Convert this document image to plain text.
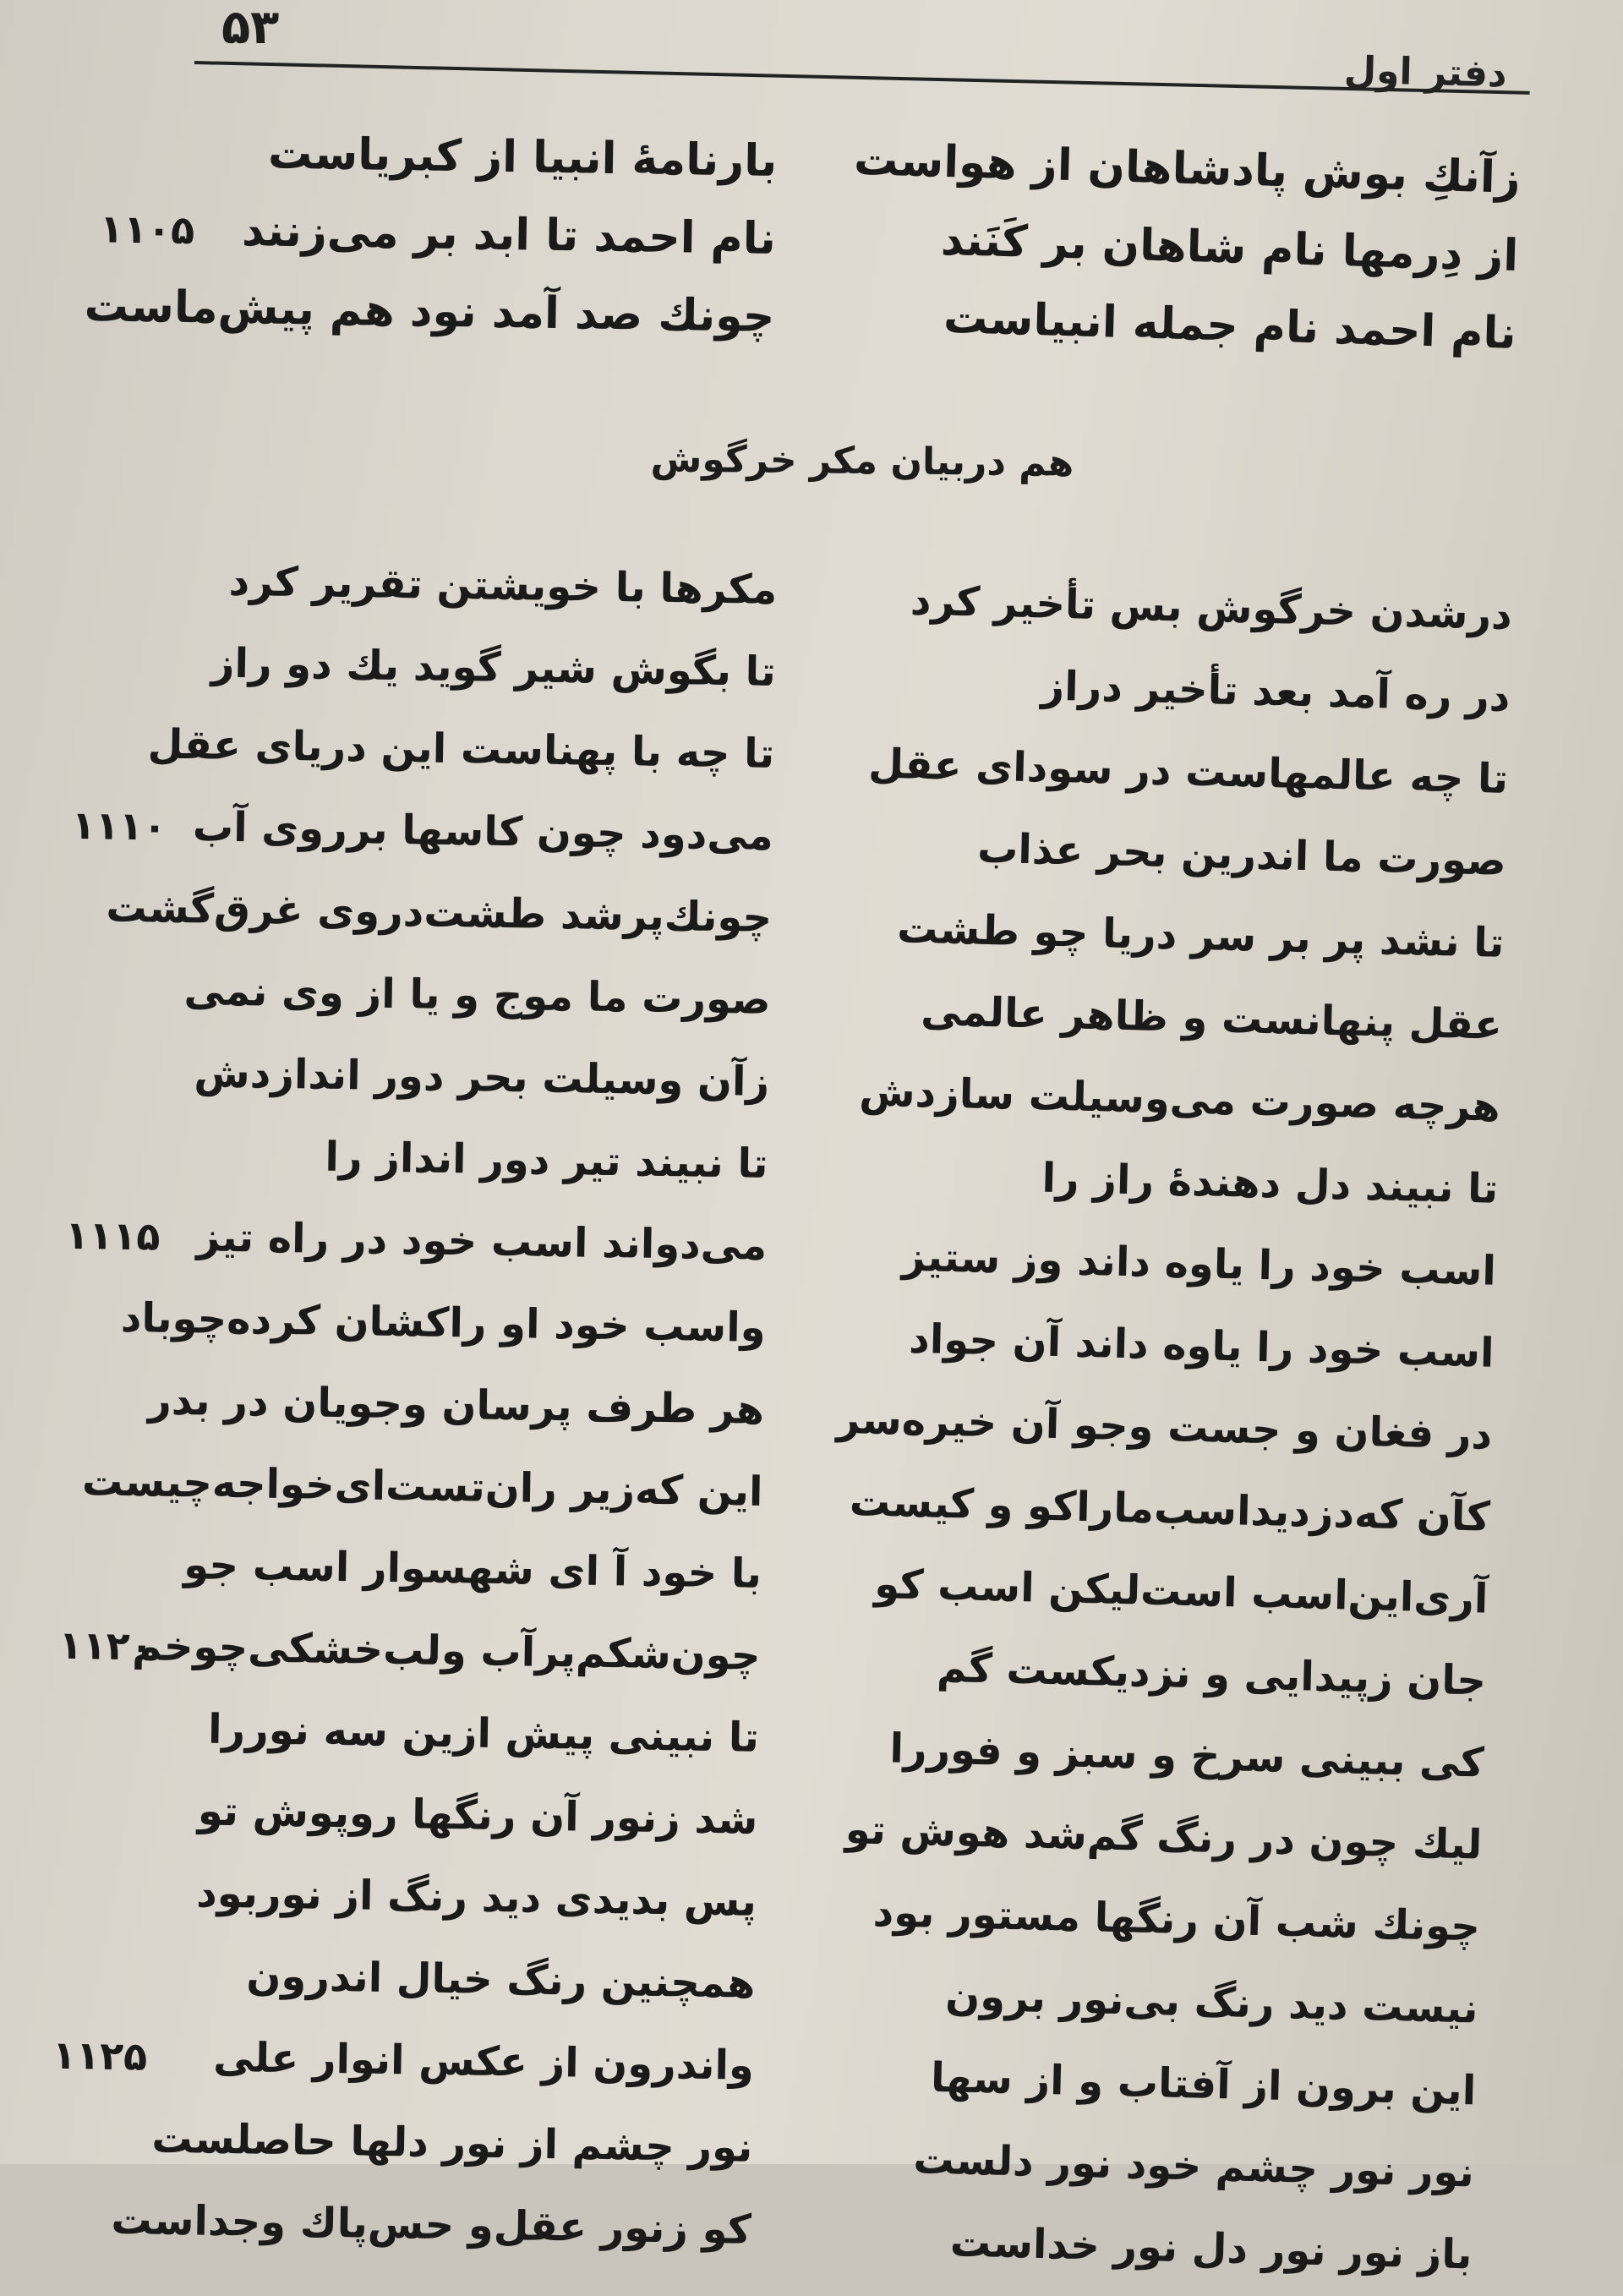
۵۳
دفتر اول
زآنكِ بوش پادشاهان از هواست
از دِرمها نام شاهان بر کَنَند
نام احمد نام جمله انبیاست
بارنامهٔ انبیا از کبریاست
نام احمد تا ابد بر می‌زنند
۱۱۰۵
چونك صد آمد نود هم پیش‌ماست
هم دربیان مکر خرگوش
درشدن خرگوش بس تأخیر کرد
در ره آمد بعد تأخیر دراز
تا چه عالمهاست در سودای عقل
صورت ما اندرین بحر عذاب
تا نشد پر بر سر دریا چو طشت
عقل پنهانست و ظاهر عالمی
هرچه صورت می‌وسیلت سازدش
تا نبیند دل دهندهٔ راز را
اسب خود را یاوه داند وز ستیز
اسب خود را یاوه داند آن جواد
در فغان و جست وجو آن خیره‌سر
کآن که‌دزدیداسب‌ماراکو و کیست
آری‌این‌اسب است‌لیکن اسب کو
جان زپیدایی و نزدیکست گم
کی ببینی سرخ و سبز و فوررا
لیك چون در رنگ گم‌شد هوش تو
چونك شب آن رنگها مستور بود
نیست دید رنگ بی‌نور برون
این برون از آفتاب و از سها
نور نور چشم خود نور دلست
باز نور نور دل نور خداست
مکرها با خویشتن تقریر کرد
تا بگوش شیر گوید یك دو راز
تا چه با پهناست این دریای عقل
می‌دود چون کاسها برروی آب
۱۱۱۰
چونك‌پرشد طشت‌دروی غرق‌گشت
صورت ما موج و یا از وی نمی
زآن وسیلت بحر دور اندازدش
تا نبیند تیر دور انداز را
می‌دواند اسب خود در راه تیز
۱۱۱۵
واسب خود او راکشان کرده‌چوباد
هر طرف پرسان وجویان در بدر
این که‌زیر ران‌تست‌ای‌خواجه‌چیست
با خود آ ای شهسوار اسب جو
چون‌شکم‌پرآب ولب‌خشکی‌چوخم
۱۱۲۰
تا نبینی پیش ازین سه نوررا
شد زنور آن رنگها روپوش تو
پس بدیدی دید رنگ از نوربود
همچنین رنگ خیال اندرون
واندرون از عکس انوار علی
۱۱۲۵
نور چشم از نور دلها حاصلست
کو زنور عقل‌و حس‌پاك وجداست
